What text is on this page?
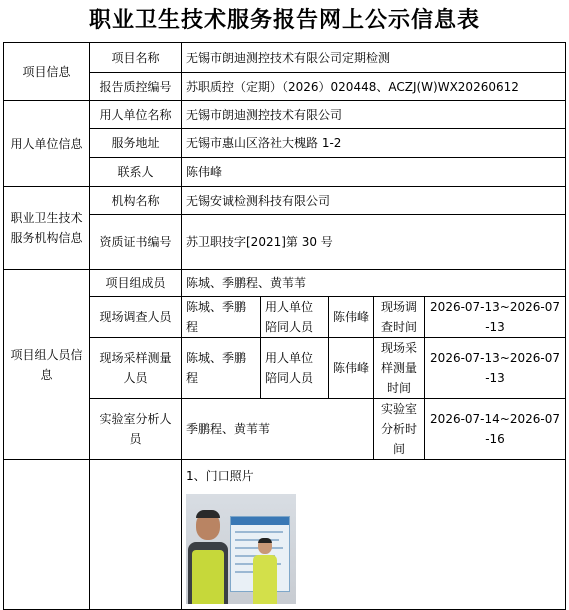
职业卫生技术服务报告网上公示信息表
项目信息	项目名称	无锡市朗迪测控技术有限公司定期检测				
	报告质控编号	苏职质控（定期）（2026）020448、ACZJ(W)WX20260612				
用人单位信息	用人单位名称	无锡市朗迪测控技术有限公司				
	服务地址	无锡市惠山区洛社大槐路 1-2				
	联系人	陈伟峰				
职业卫生技术服务机构信息	机构名称	无锡安诚检测科技有限公司				
	资质证书编号	苏卫职技字[2021]第 30 号				
项目组人员信息	项目组成员	陈城、季鹏程、黄苇苇				
	现场调查人员	陈城、季鹏程	用人单位陪同人员	陈伟峰	现场调查时间	2026-07-13~2026-07-13
	现场采样测量人员	陈城、季鹏程	用人单位陪同人员	陈伟峰	现场采样测量时间	2026-07-13~2026-07-13
	实验室分析人员	季鹏程、黄苇苇			实验室分析时间	2026-07-14~2026-07-16

		1、门口照片				
